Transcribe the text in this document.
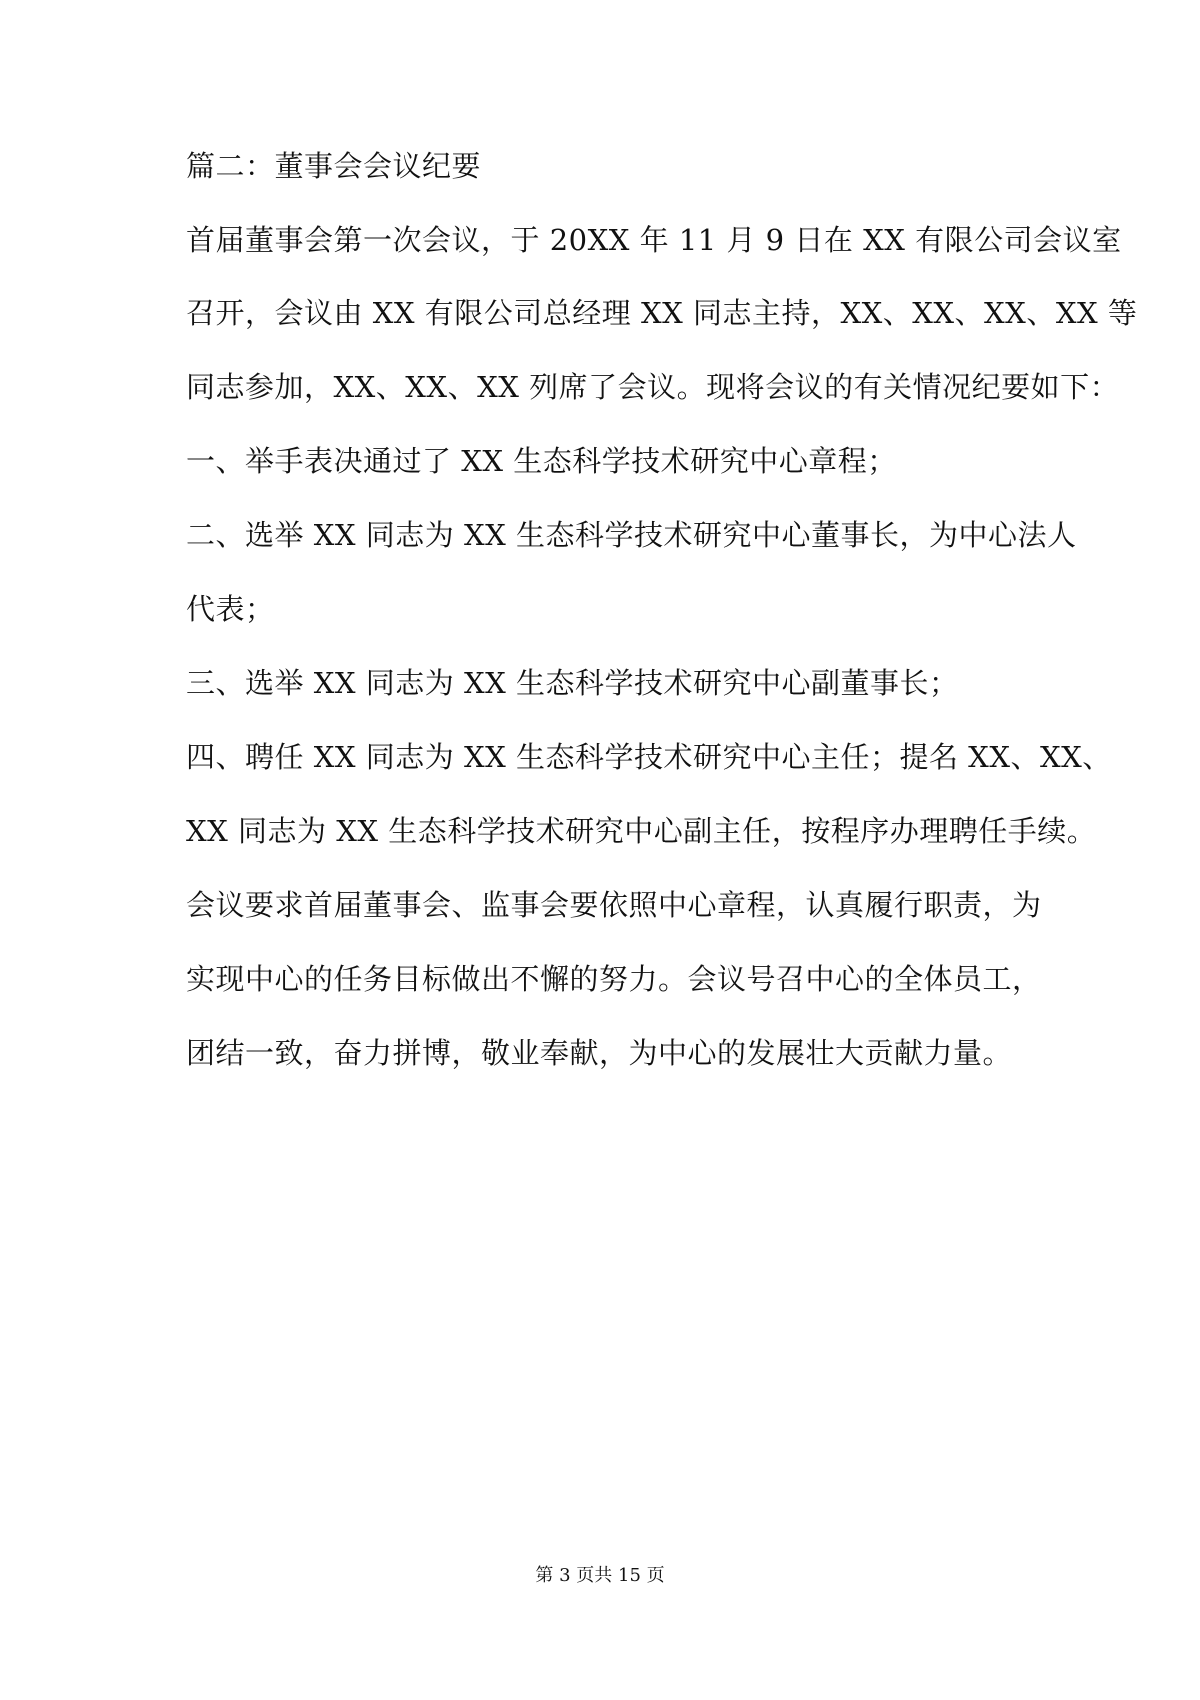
篇二：董事会会议纪要
首届董事会第一次会议，于 20XX 年 11 月 9 日在 XX 有限公司会议室
召开，会议由 XX 有限公司总经理 XX 同志主持，XX、XX、XX、XX 等
同志参加，XX、XX、XX 列席了会议。现将会议的有关情况纪要如下：
一、举手表决通过了 XX 生态科学技术研究中心章程；
二、选举 XX 同志为 XX 生态科学技术研究中心董事长，为中心法人
代表；
三、选举 XX 同志为 XX 生态科学技术研究中心副董事长；
四、聘任 XX 同志为 XX 生态科学技术研究中心主任；提名 XX、XX、
XX 同志为 XX 生态科学技术研究中心副主任，按程序办理聘任手续。
会议要求首届董事会、监事会要依照中心章程，认真履行职责，为
实现中心的任务目标做出不懈的努力。会议号召中心的全体员工，
团结一致，奋力拼博，敬业奉献，为中心的发展壮大贡献力量。
第 3 页共 15 页
